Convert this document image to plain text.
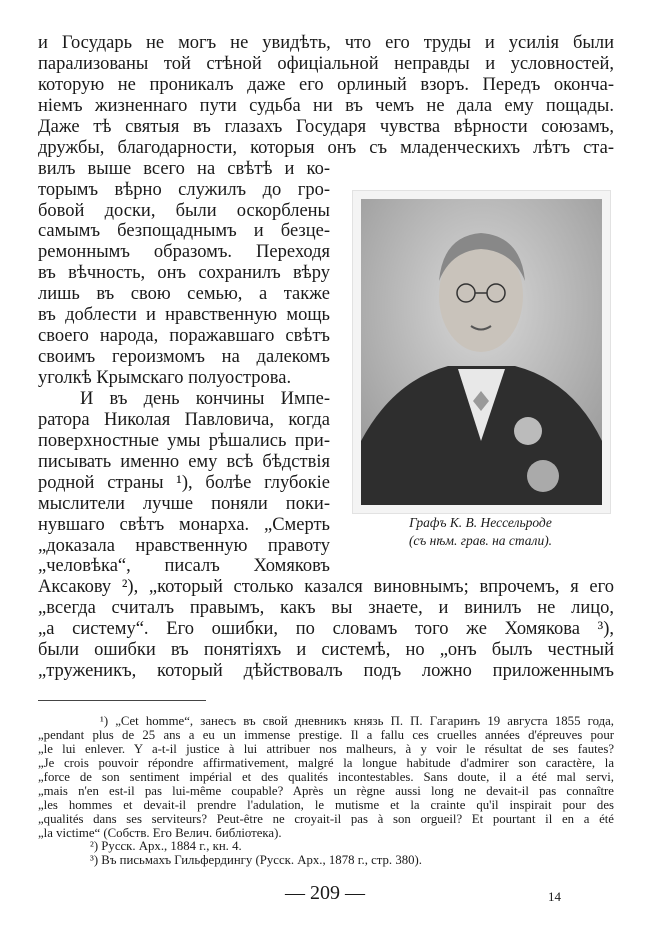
и Государь не могъ не увидѣть, что его труды и усилія были
парализованы той стѣной офиціальной неправды и условностей,
которую не проникалъ даже его орлиный взоръ. Передъ оконча-
ніемъ жизненнаго пути судьба ни въ чемъ не дала ему пощады.
Даже тѣ святыя въ глазахъ Государя чувства вѣрности союзамъ,
дружбы, благодарности, которыя онъ съ младенческихъ лѣтъ ста-
вилъ выше всего на свѣтѣ и ко-
торымъ вѣрно служилъ до гро-
бовой доски, были оскорблены
самымъ безпощаднымъ и безце-
ремоннымъ образомъ. Переходя
въ вѣчность, онъ сохранилъ вѣру
лишь въ свою семью, а также
въ доблести и нравственную мощь
своего народа, поражавшаго свѣтъ
своимъ героизмомъ на далекомъ
уголкѣ Крымскаго полуострова.
И въ день кончины Импе-
ратора Николая Павловича, когда
поверхностные умы рѣшались при-
писывать именно ему всѣ бѣдствія
родной страны ¹), болѣе глубокіе
мыслители лучше поняли поки-
нувшаго свѣтъ монарха. „Смерть
„доказала нравственную правоту
„человѣка“, писалъ Хомяковъ
Аксакову ²), „который столько казался виновнымъ; впрочемъ, я его
„всегда считалъ правымъ, какъ вы знаете, и винилъ не лицо,
„а систему“. Его ошибки, по словамъ того же Хомякова ³),
были ошибки въ понятіяхъ и системѣ, но „онъ былъ честный
„труженикъ, который дѣйствовалъ подъ ложно приложеннымъ
Графъ К. В. Нессельроде
(съ нѣм. грав. на стали).
¹) „Cet homme“, занесъ въ свой дневникъ князь П. П. Гагаринъ 19 августа 1855 года,
„pendant plus de 25 ans a eu un immense prestige. Il a fallu ces cruelles années d'épreuves pour
„le lui enlever. Y a-t-il justice à lui attribuer nos malheurs, à y voir le résultat de ses fautes?
„Je crois pouvoir répondre affirmativement, malgré la longue habitude d'admirer son caractère, la
„force de son sentiment impérial et des qualités incontestables. Sans doute, il a été mal servi,
„mais n'en est-il pas lui-même coupable? Après un règne aussi long ne devait-il pas connaître
„les hommes et devait-il prendre l'adulation, le mutisme et la crainte qu'il inspirait pour des
„qualités dans ses serviteurs? Peut-être ne croyait-il pas à son orgueil? Et pourtant il en a été
„la victime“ (Собств. Его Велич. библіотека).
²) Русск. Арх., 1884 г., кн. 4.
³) Въ письмахъ Гильфердингу (Русск. Арх., 1878 г., стр. 380).
— 209 —	14
